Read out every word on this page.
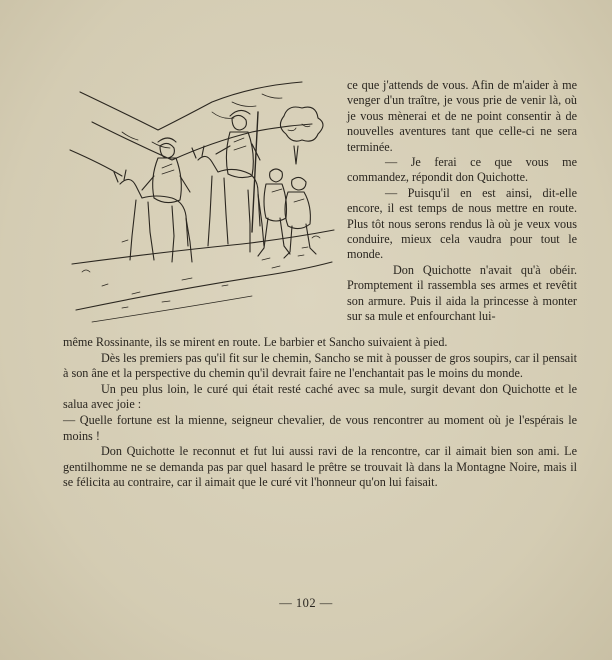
ce que j'attends de vous. Afin de m'aider à me venger d'un traître, je vous prie de venir là, où je vous mènerai et de ne point consentir à de nouvelles aventures tant que celle-ci ne sera terminée.

— Je ferai ce que vous me commandez, répondit don Quichotte.

— Puisqu'il en est ainsi, dit-elle encore, il est temps de nous mettre en route. Plus tôt nous serons rendus là où je veux vous conduire, mieux cela vaudra pour tout le monde.

Don Quichotte n'avait qu'à obéir. Promptement il rassembla ses armes et revêtit son armure. Puis il aida la princesse à monter sur sa mule et enfourchant lui-

même Rossinante, ils se mirent en route. Le barbier et Sancho suivaient à pied.

Dès les premiers pas qu'il fit sur le chemin, Sancho se mit à pousser de gros soupirs, car il pensait à son âne et la perspective du chemin qu'il devrait faire ne l'enchantait pas le moins du monde.

Un peu plus loin, le curé qui était resté caché avec sa mule, surgit devant don Quichotte et le salua avec joie :

— Quelle fortune est la mienne, seigneur chevalier, de vous rencontrer au moment où je l'espérais le moins !

Don Quichotte le reconnut et fut lui aussi ravi de la rencontre, car il aimait bien son ami. Le gentilhomme ne se demanda pas par quel hasard le prêtre se trouvait là dans la Montagne Noire, mais il se félicita au contraire, car il aimait que le curé vit l'honneur qu'on lui faisait.

— 102 —
